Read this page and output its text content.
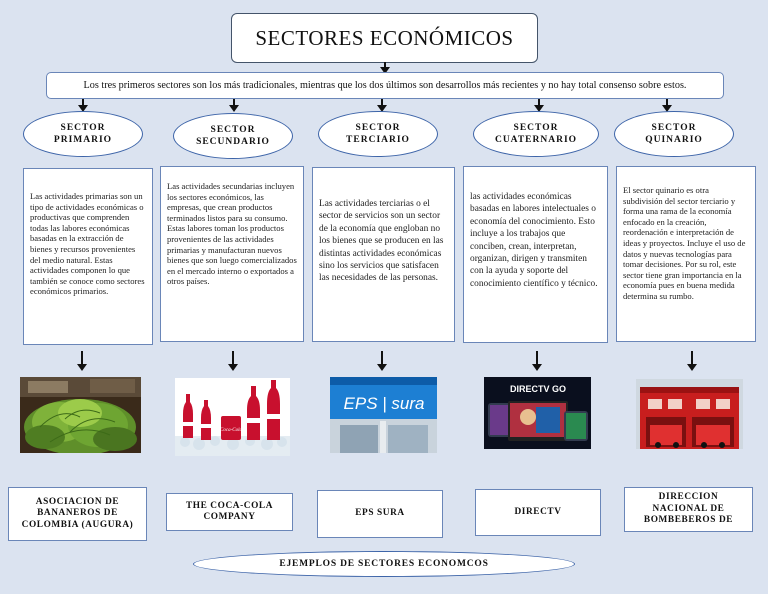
SECTORES ECONÓMICOS
Los tres primeros sectores son los más tradicionales, mientras que los dos últimos son desarrollos más recientes y no hay total consenso sobre estos.
SECTOR PRIMARIO
SECTOR SECUNDARIO
SECTOR TERCIARIO
SECTOR CUATERNARIO
SECTOR QUINARIO
Las actividades primarias son un tipo de actividades económicas o productivas que comprenden todas las labores económicas basadas en la extracción de bienes y recursos provenientes del medio natural. Estas actividades componen lo que también se conoce como sectores económicos primarios.
Las actividades secundarias incluyen los sectores económicos, las empresas, que crean productos terminados listos para su consumo. Estas labores toman los productos provenientes de las actividades primarias y manufacturan nuevos bienes que son luego comercializados en el mercado interno o exportados a otros países.
Las actividades terciarias o el sector de servicios son un sector de la economía que engloban no los bienes que se producen en las distintas actividades económicas sino los servicios que satisfacen las necesidades de las personas.
las actividades económicas basadas en labores intelectuales o economía del conocimiento. Esto incluye a los trabajos que conciben, crean, interpretan, organizan, dirigen y transmiten con la ayuda y soporte del conocimiento científico y técnico.
El sector quinario es otra subdivisión del sector terciario y forma una rama de la economía enfocado en la creación, reordenación e interpretación de ideas y proyectos. Incluye el uso de datos y nuevas tecnologías para tomar decisiones. Por su rol, este sector tiene gran importancia en la economía pues en buena medida determina su rumbo.
Coca-Cola
EPS | sura
DIRECTV GO
ASOCIACION DE BANANEROS DE COLOMBIA (AUGURA)
THE COCA-COLA COMPANY	EPS SURA	DIRECTV
DIRECCION NACIONAL DE BOMBEBEROS DE
EJEMPLOS DE SECTORES ECONOMCOS
